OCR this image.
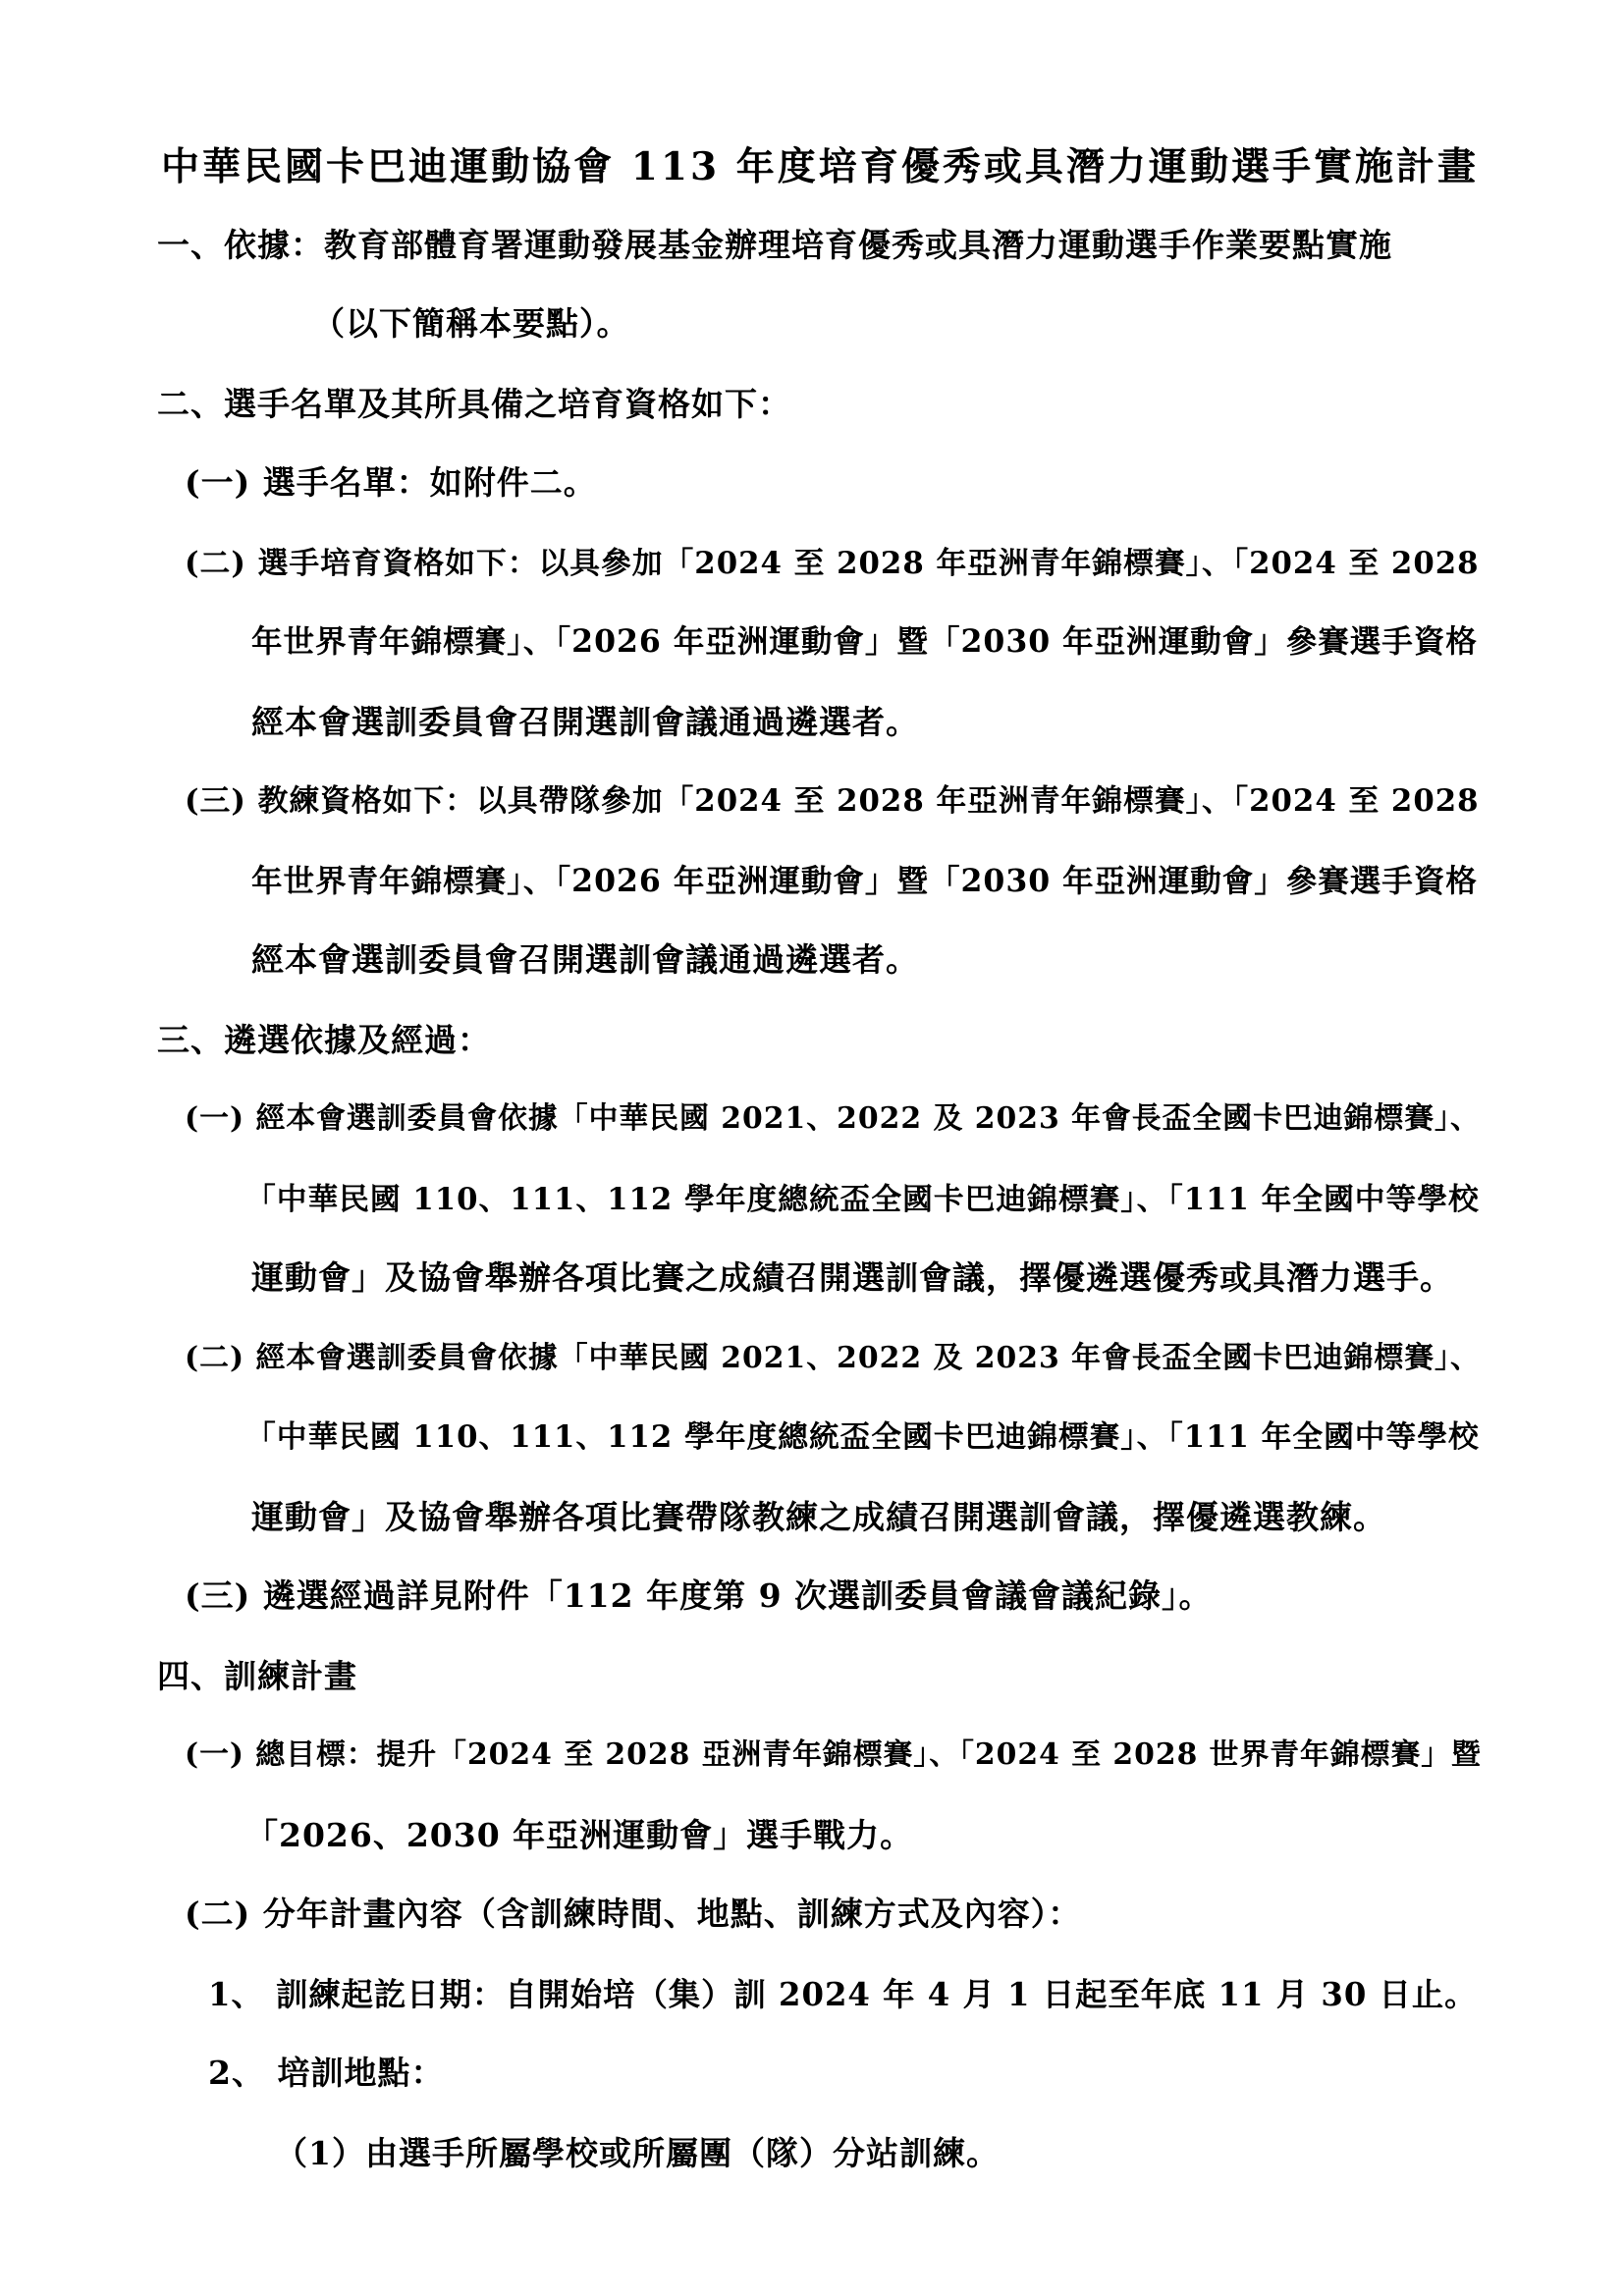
中華民國卡巴迪運動協會 113 年度培育優秀或具潛力運動選手實施計畫
一、依據：教育部體育署運動發展基金辦理培育優秀或具潛力運動選手作業要點實施
（以下簡稱本要點）。
二、選手名單及其所具備之培育資格如下：
(一) 選手名單：如附件二。
(二) 選手培育資格如下：以具參加「2024 至 2028 年亞洲青年錦標賽」、「2024 至 2028
年世界青年錦標賽」、「2026 年亞洲運動會」暨「2030 年亞洲運動會」參賽選手資格
經本會選訓委員會召開選訓會議通過遴選者。
(三) 教練資格如下：以具帶隊參加「2024 至 2028 年亞洲青年錦標賽」、「2024 至 2028
年世界青年錦標賽」、「2026 年亞洲運動會」暨「2030 年亞洲運動會」參賽選手資格
經本會選訓委員會召開選訓會議通過遴選者。
三、遴選依據及經過：
(一) 經本會選訓委員會依據「中華民國 2021、2022 及 2023 年會長盃全國卡巴迪錦標賽」、
「中華民國 110、111、112 學年度總統盃全國卡巴迪錦標賽」、「111 年全國中等學校
運動會」及協會舉辦各項比賽之成績召開選訓會議，擇優遴選優秀或具潛力選手。
(二) 經本會選訓委員會依據「中華民國 2021、2022 及 2023 年會長盃全國卡巴迪錦標賽」、
「中華民國 110、111、112 學年度總統盃全國卡巴迪錦標賽」、「111 年全國中等學校
運動會」及協會舉辦各項比賽帶隊教練之成績召開選訓會議，擇優遴選教練。
(三) 遴選經過詳見附件「112 年度第 9 次選訓委員會議會議紀錄」。
四、訓練計畫
(一) 總目標：提升「2024 至 2028 亞洲青年錦標賽」、「2024 至 2028 世界青年錦標賽」暨
「2026、2030 年亞洲運動會」選手戰力。
(二) 分年計畫內容（含訓練時間、地點、訓練方式及內容）：
1、 訓練起訖日期：自開始培（集）訓 2024 年 4 月 1 日起至年底 11 月 30 日止。
2、 培訓地點：
（1）由選手所屬學校或所屬團（隊）分站訓練。
